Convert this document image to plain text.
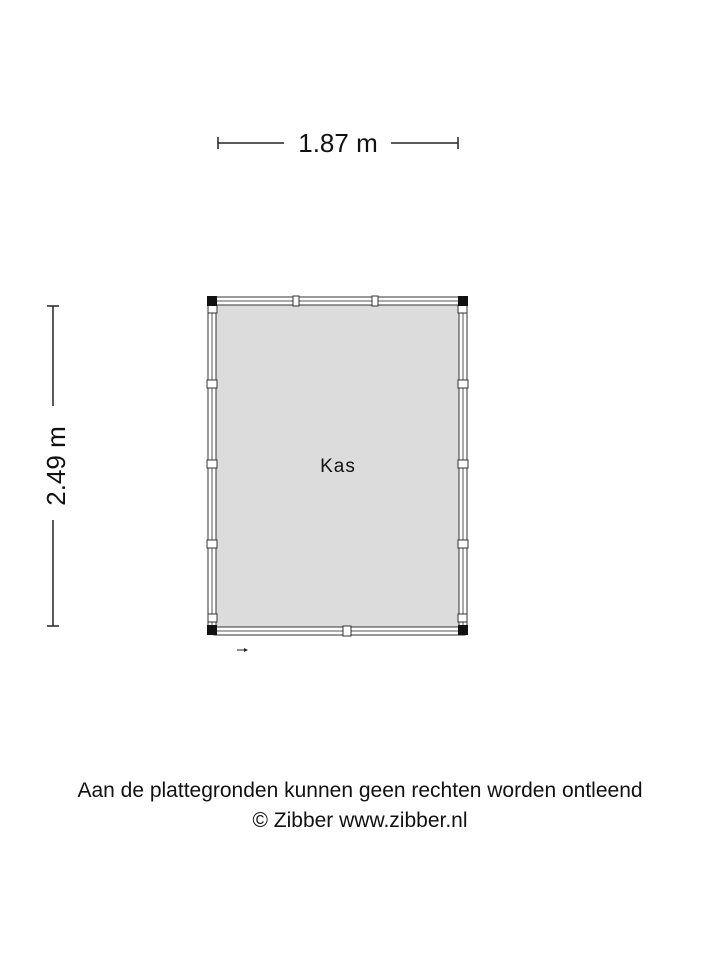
1.87 m
2.49 m	Kas
Aan de plattegronden kunnen geen rechten worden ontleend
© Zibber www.zibber.nl
